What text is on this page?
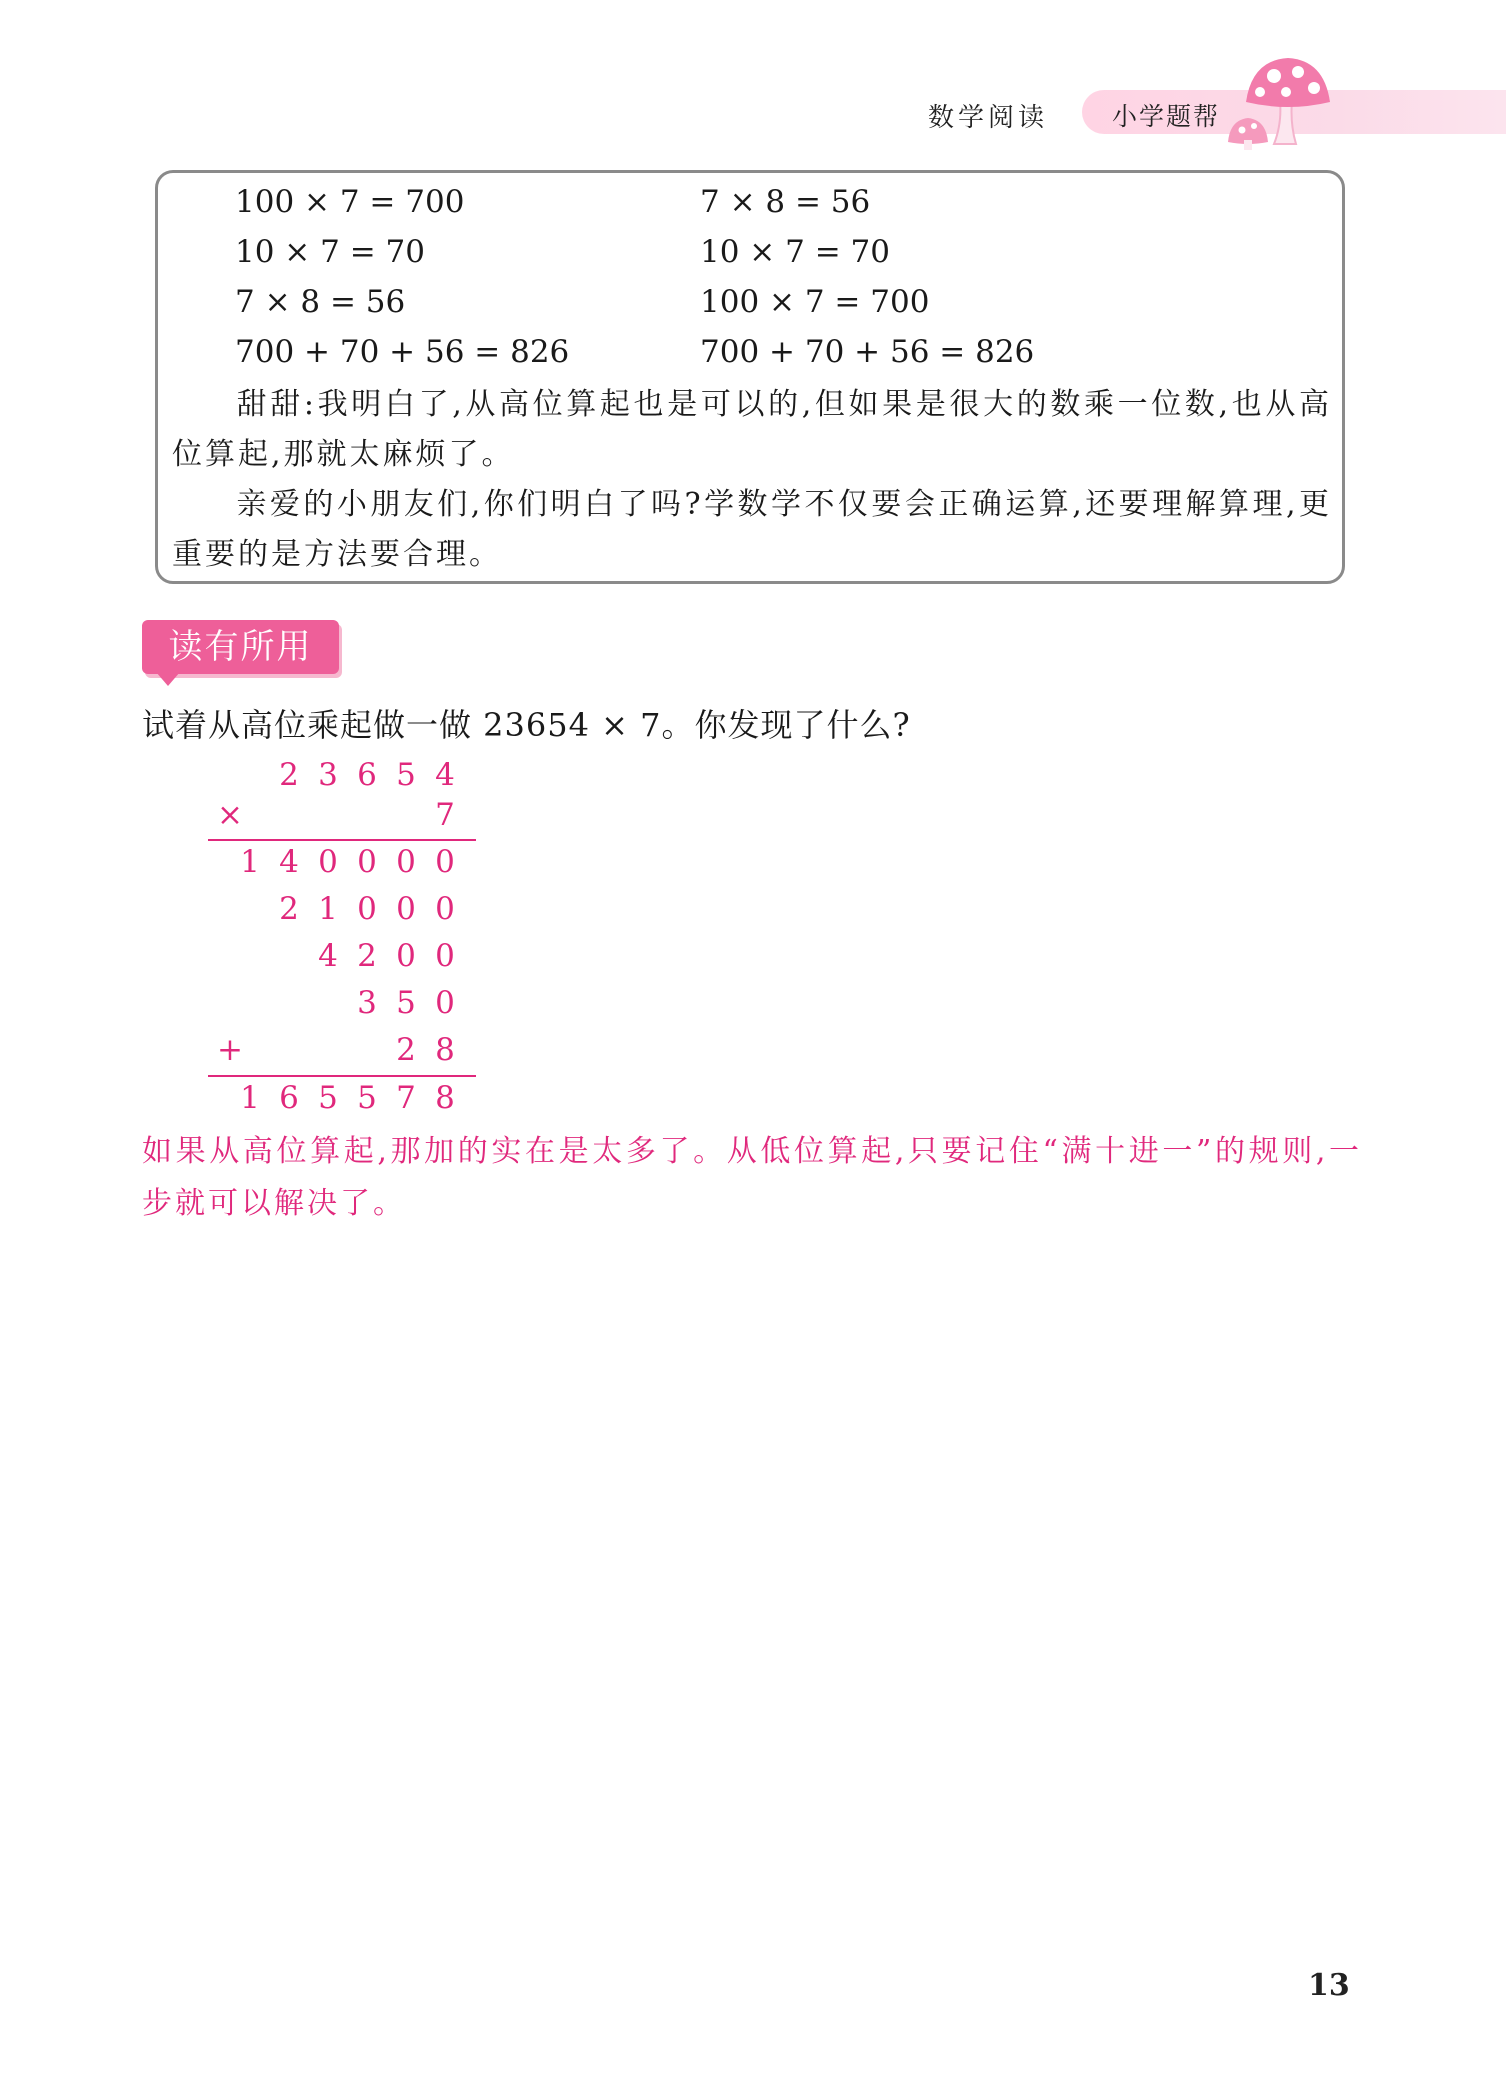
数学阅读	小学题帮
100 × 7 = 700
10 × 7 = 70
7 × 8 = 56
700 + 70 + 56 = 826
7 × 8 = 56
10 × 7 = 70
100 × 7 = 700
700 + 70 + 56 = 826
甜甜:我明白了,从高位算起也是可以的,但如果是很大的数乘一位数,也从高位算起,那就太麻烦了。
亲爱的小朋友们,你们明白了吗?学数学不仅要会正确运算,还要理解算理,更重要的是方法要合理。
读有所用
试着从高位乘起做一做 23654 × 7。你发现了什么?
2 3 6 5 4
×	7
1 4 0 0 0 0
2 1 0 0 0
4 2 0 0
3 5 0
+	2 8
1 6 5 5 7 8
如果从高位算起,那加的实在是太多了。从低位算起,只要记住“满十进一”的规则,一步就可以解决了。
13
